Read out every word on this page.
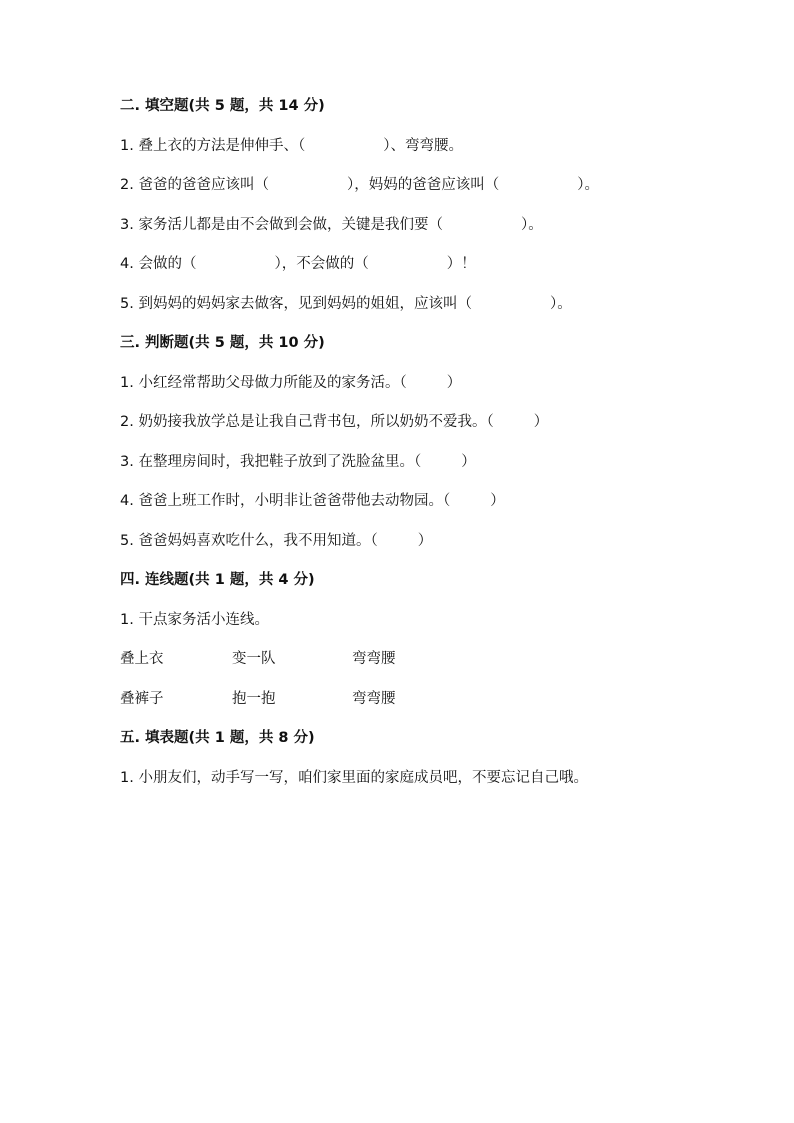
二. 填空题(共 5 题，共 14 分)
1. 叠上衣的方法是伸伸手、（	）、弯弯腰。
2. 爸爸的爸爸应该叫（	），妈妈的爸爸应该叫（	）。
3. 家务活儿都是由不会做到会做，关键是我们要（	）。
4. 会做的（	），不会做的（	）！
5. 到妈妈的妈妈家去做客，见到妈妈的姐姐，应该叫（	）。
三. 判断题(共 5 题，共 10 分)
1. 小红经常帮助父母做力所能及的家务活。（	）
2. 奶奶接我放学总是让我自己背书包，所以奶奶不爱我。（	）
3. 在整理房间时，我把鞋子放到了洗脸盆里。（	）
4. 爸爸上班工作时，小明非让爸爸带他去动物园。（	）
5. 爸爸妈妈喜欢吃什么，我不用知道。（	）
四. 连线题(共 1 题，共 4 分)
1. 干点家务活小连线。
叠上衣	变一队	弯弯腰
叠裤子	抱一抱	弯弯腰
五. 填表题(共 1 题，共 8 分)
1. 小朋友们，动手写一写，咱们家里面的家庭成员吧，不要忘记自己哦。
